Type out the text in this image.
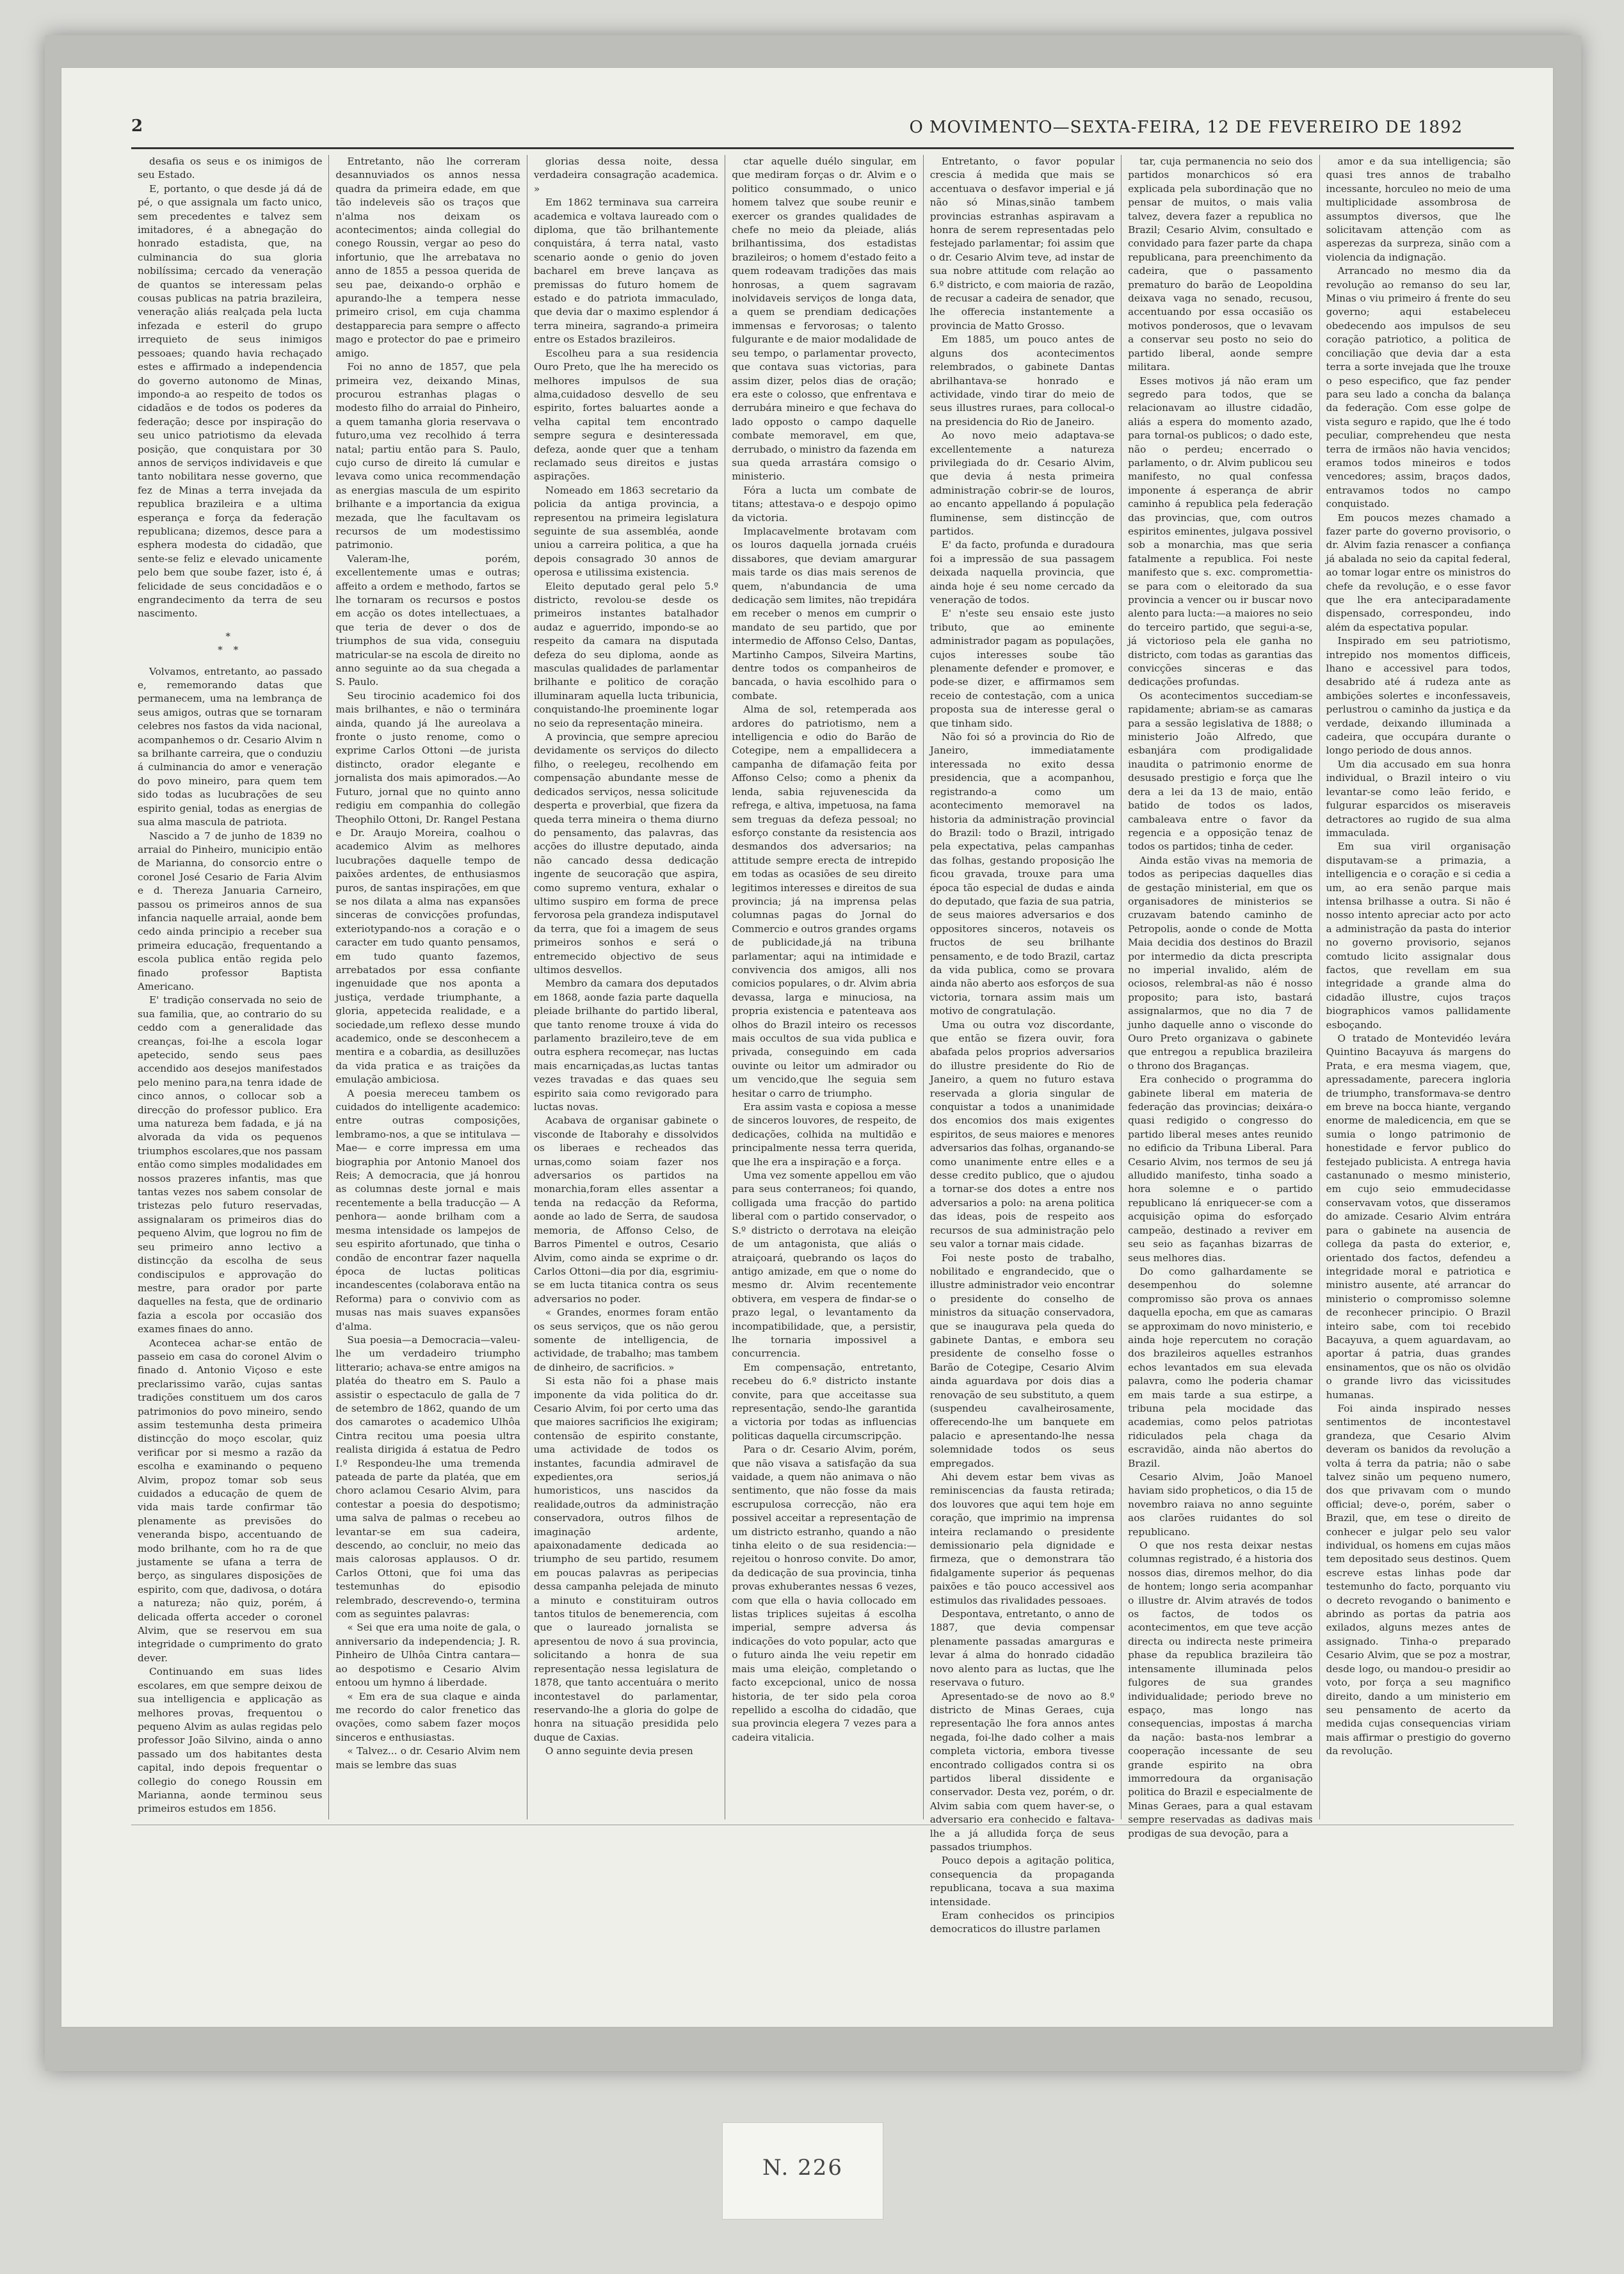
2	O MOVIMENTO—SEXTA-FEIRA, 12 DE FEVEREIRO DE 1892

desafia os seus e os inimigos de seu Estado.

E, portanto, o que desde já dá de pé, o que assignala um facto unico, sem precedentes e talvez sem imitadores, é a abnegação do honrado estadista, que, na culminancia do sua gloria nobilíssima; cercado da veneração de quantos se interessam pelas cousas publicas na patria brazileira, veneração aliás realçada pela lucta infezada e esteril do grupo irrequieto de seus inimigos pessoaes; quando havia rechaçado estes e affirmado a independencia do governo autonomo de Minas, impondo-a ao respeito de todos os cidadãos e de todos os poderes da federação; desce por inspiração do seu unico patriotismo da elevada posição, que conquistara por 30 annos de serviços individaveis e que tanto nobilitara nesse governo, que fez de Minas a terra invejada da republica brazileira e a ultima esperança e força da federação republicana; dizemos, desce para a esphera modesta do cidadão, que sente-se feliz e elevado unicamente pelo bem que soube fazer, isto é, á felicidade de seus concidadãos e o engrandecimento da terra de seu nascimento.

*
* *

Volvamos, entretanto, ao passado e, rememorando datas que permanecem, uma na lembrança de seus amigos, outras que se tornaram celebres nos fastos da vida nacional, acompanhemos o dr. Cesario Alvim n sa brilhante carreira, que o conduziu á culminancia do amor e veneração do povo mineiro, para quem tem sido todas as lucubrações de seu espirito genial, todas as energias de sua alma mascula de patriota.

Nascido a 7 de junho de 1839 no arraial do Pinheiro, municipio então de Marianna, do consorcio entre o coronel José Cesario de Faria Alvim e d. Thereza Januaria Carneiro, passou os primeiros annos de sua infancia naquelle arraial, aonde bem cedo ainda principio a receber sua primeira educação, frequentando a escola publica então regida pelo finado professor Baptista Americano.

E' tradição conservada no seio de sua familia, que, ao contrario do su ceddo com a generalidade das creanças, foi-lhe a escola logar apetecido, sendo seus paes accendido aos desejos manifestados pelo menino para,na tenra idade de cinco annos, o collocar sob a direcção do professor publico. Era uma natureza bem fadada, e já na alvorada da vida os pequenos triumphos escolares,que nos passam então como simples modalidades em nossos prazeres infantis, mas que tantas vezes nos sabem consolar de tristezas pelo futuro reservadas, assignalaram os primeiros dias do pequeno Alvim, que logrou no fim de seu primeiro anno lectivo a distincção da escolha de seus condiscipulos e approvação do mestre, para orador por parte daquelles na festa, que de ordinario fazia a escola por occasião dos exames finaes do anno.

Acontecea achar-se então de passeio em casa do coronel Alvim o finado d. Antonio Viçoso e este preclarissimo varão, cujas santas tradições constituem um dos caros patrimonios do povo mineiro, sendo assim testemunha desta primeira distincção do moço escolar, quiz verificar por si mesmo a razão da escolha e examinando o pequeno Alvim, propoz tomar sob seus cuidados a educação de quem de vida mais tarde confirmar tão plenamente as previsões do veneranda bispo, accentuando de modo brilhante, com ho ra de que justamente se ufana a terra de berço, as singulares disposições de espirito, com que, dadivosa, o dotára a natureza; não quiz, porém, á delicada offerta acceder o coronel Alvim, que se reservou em sua integridade o cumprimento do grato dever.

Continuando em suas lides escolares, em que sempre deixou de sua intelligencia e applicação as melhores provas, frequentou o pequeno Alvim as aulas regidas pelo professor João Silvino, ainda o anno passado um dos habitantes desta capital, indo depois frequentar o collegio do conego Roussin em Marianna, aonde terminou seus primeiros estudos em 1856.

Entretanto, não lhe correram desannuviados os annos nessa quadra da primeira edade, em que tão indeleveis são os traços que n'alma nos deixam os acontecimentos; ainda collegial do conego Roussin, vergar ao peso do infortunio, que lhe arrebatava no anno de 1855 a pessoa querida de seu pae, deixando-o orphão e apurando-lhe a tempera nesse primeiro crisol, em cuja chamma destapparecia para sempre o affecto mago e protector do pae e primeiro amigo.

Foi no anno de 1857, que pela primeira vez, deixando Minas, procurou estranhas plagas o modesto filho do arraial do Pinheiro, a quem tamanha gloria reservava o futuro,uma vez recolhido á terra natal; partiu então para S. Paulo, cujo curso de direito lá cumular e levava como unica recommendação as energias mascula de um espirito brilhante e a importancia da exigua mezada, que lhe facultavam os recursos de um modestissimo patrimonio.

Valeram-lhe, porém, excellentemente umas e outras; affeito a ordem e methodo, fartos se lhe tornaram os recursos e postos em acção os dotes intellectuaes, a que teria de dever o dos de triumphos de sua vida, conseguiu matricular-se na escola de direito no anno seguinte ao da sua chegada a S. Paulo.

Seu tirocinio academico foi dos mais brilhantes, e não o terminára ainda, quando já lhe aureolava a fronte o justo renome, como o exprime Carlos Ottoni —de jurista distincto, orador elegante e jornalista dos mais apimorados.—Ao Futuro, jornal que no quinto anno redigiu em companhia do collegão Theophilo Ottoni, Dr. Rangel Pestana e Dr. Araujo Moreira, coalhou o academico Alvim as melhores lucubrações daquelle tempo de paixões ardentes, de enthusiasmos puros, de santas inspirações, em que se nos dilata a alma nas expansões sinceras de convicções profundas, exteriotypando-nos a coração e o caracter em tudo quanto pensamos, em tudo quanto fazemos, arrebatados por essa confiante ingenuidade que nos aponta a justiça, verdade triumphante, a gloria, appetecida realidade, e a sociedade,um reflexo desse mundo academico, onde se desconhecem a mentira e a cobardia, as desilluzões da vida pratica e as traições da emulação ambiciosa.

A poesia mereceu tambem os cuidados do intelligente academico: entre outras composições, lembramo-nos, a que se intitulava —Mae— e corre impressa em uma biographia por Antonio Manoel dos Reis; A democracia, que já honrou as columnas deste jornal e mais recentemente a bella traducção — A penhora— aonde brilham com a mesma intensidade os lampejos de seu espirito afortunado, que tinha o condão de encontrar fazer naquella época de luctas politicas incandescentes (colaborava então na Reforma) para o convivio com as musas nas mais suaves expansões d'alma.

Sua poesia—a Democracia—valeu-lhe um verdadeiro triumpho litterario; achava-se entre amigos na platéa do theatro em S. Paulo a assistir o espectaculo de galla de 7 de setembro de 1862, quando de um dos camarotes o academico Ulhôa Cintra recitou uma poesia ultra realista dirigida á estatua de Pedro I.º Respondeu-lhe uma tremenda pateada de parte da platéa, que em choro aclamou Cesario Alvim, para contestar a poesia do despotismo; uma salva de palmas o recebeu ao levantar-se em sua cadeira, descendo, ao concluir, no meio das mais calorosas applausos. O dr. Carlos Ottoni, que foi uma das testemunhas do episodio relembrado, descrevendo-o, termina com as seguintes palavras:

« Sei que era uma noite de gala, o anniversario da independencia; J. R. Pinheiro de Ulhôa Cintra cantara— ao despotismo e Cesario Alvim entoou um hymno á liberdade.

« Em era de sua claque e ainda me recordo do calor frenetico das ovações, como sabem fazer moços sinceros e enthusiastas.

« Talvez... o dr. Cesario Alvim nem mais se lembre das suas

glorias dessa noite, dessa verdadeira consagração academica. »

Em 1862 terminava sua carreira academica e voltava laureado com o diploma, que tão brilhantemente conquistára, á terra natal, vasto scenario aonde o genio do joven bacharel em breve lançava as premissas do futuro homem de estado e do patriota immaculado, que devia dar o maximo esplendor á terra mineira, sagrando-a primeira entre os Estados brazileiros.

Escolheu para a sua residencia Ouro Preto, que lhe ha merecido os melhores impulsos de sua alma,cuidadoso desvello de seu espirito, fortes baluartes aonde a velha capital tem encontrado sempre segura e desinteressada defeza, aonde quer que a tenham reclamado seus direitos e justas aspirações.

Nomeado em 1863 secretario da policia da antiga provincia, a representou na primeira legislatura seguinte de sua assembléa, aonde uniou a carreira politica, a que ha depois consagrado 30 annos de operosa e utilissima existencia.

Eleito deputado geral pelo 5.º districto, revolou-se desde os primeiros instantes batalhador audaz e aguerrido, impondo-se ao respeito da camara na disputada defeza do seu diploma, aonde as masculas qualidades de parlamentar brilhante e politico de coração illuminaram aquella lucta tribunicia, conquistando-lhe proeminente logar no seio da representação mineira.

A provincia, que sempre apreciou devidamente os serviços do dilecto filho, o reelegeu, recolhendo em compensação abundante messe de dedicados serviços, nessa solicitude desperta e proverbial, que fizera da queda terra mineira o thema diurno do pensamento, das palavras, das acções do illustre deputado, ainda não cancado dessa dedicação ingente de seucoração que aspira, como supremo ventura, exhalar o ultimo suspiro em forma de prece fervorosa pela grandeza indisputavel da terra, que foi a imagem de seus primeiros sonhos e será o entremecido objectivo de seus ultimos desvellos.

Membro da camara dos deputados em 1868, aonde fazia parte daquella pleiade brilhante do partido liberal, que tanto renome trouxe á vida do parlamento brazileiro,teve de em outra esphera recomeçar, nas luctas mais encarniçadas,as luctas tantas vezes travadas e das quaes seu espirito saia como revigorado para luctas novas.

Acabava de organisar gabinete o visconde de Itaborahy e dissolvidos os liberaes e recheados das urnas,como soiam fazer nos adversarios os partidos na monarchia,foram elles assentar a tenda na redacção da Reforma, aonde ao lado de Serra, de saudosa memoria, de Affonso Celso, de Barros Pimentel e outros, Cesario Alvim, como ainda se exprime o dr. Carlos Ottoni—dia por dia, esgrimiu-se em lucta titanica contra os seus adversarios no poder.

« Grandes, enormes foram então os seus serviços, que os não gerou somente de intelligencia, de actividade, de trabalho; mas tambem de dinheiro, de sacrificios. »

Si esta não foi a phase mais imponente da vida politica do dr. Cesario Alvim, foi por certo uma das que maiores sacrificios lhe exigiram; contensão de espirito constante, uma actividade de todos os instantes, facundia admiravel de expedientes,ora serios,já humoristicos, uns nascidos da realidade,outros da administração conservadora, outros filhos de imaginação ardente, apaixonadamente dedicada ao triumpho de seu partido, resumem em poucas palavras as peripecias dessa campanha pelejada de minuto a minuto e constituiram outros tantos titulos de benemerencia, com que o laureado jornalista se apresentou de novo á sua provincia, solicitando a honra de sua representação nessa legislatura de 1878, que tanto accentuára o merito incontestavel do parlamentar, reservando-lhe a gloria do golpe de honra na situação presidida pelo duque de Caxias.

O anno seguinte devia presen

ctar aquelle duélo singular, em que mediram forças o dr. Alvim e o politico consummado, o unico homem talvez que soube reunir e exercer os grandes qualidades de chefe no meio da pleiade, aliás brilhantissima, dos estadistas brazileiros; o homem d'estado feito a quem rodeavam tradições das mais honrosas, a quem sagravam inolvidaveis serviços de longa data, a quem se prendiam dedicações immensas e fervorosas; o talento fulgurante e de maior modalidade de seu tempo, o parlamentar provecto, que contava suas victorias, para assim dizer, pelos dias de oração; era este o colosso, que enfrentava e derrubára mineiro e que fechava do lado opposto o campo daquelle combate memoravel, em que, derrubado, o ministro da fazenda em sua queda arrastára comsigo o ministerio.

Fóra a lucta um combate de titans; attestava-o e despojo opimo da victoria.

Implacavelmente brotavam com os louros daquella jornada cruéis dissabores, que deviam amargurar mais tarde os dias mais serenos de quem, n'abundancia de uma dedicação sem limites, não trepidára em receber o menos em cumprir o mandato de seu partido, que por intermedio de Affonso Celso, Dantas, Martinho Campos, Silveira Martins, dentre todos os companheiros de bancada, o havia escolhido para o combate.

Alma de sol, retemperada aos ardores do patriotismo, nem a intelligencia e odio do Barão de Cotegipe, nem a empallidecera a campanha de difamação feita por Affonso Celso; como a phenix da lenda, sabia rejuvenescida da refrega, e altiva, impetuosa, na fama sem treguas da defeza pessoal; no esforço constante da resistencia aos desmandos dos adversarios; na attitude sempre erecta de intrepido em todas as ocasiões de seu direito legitimos interesses e direitos de sua provincia; já na imprensa pelas columnas pagas do Jornal do Commercio e outros grandes orgams de publicidade,já na tribuna parlamentar; aqui na intimidade e convivencia dos amigos, alli nos comicios populares, o dr. Alvim abria devassa, larga e minuciosa, na propria existencia e patenteava aos olhos do Brazil inteiro os recessos mais occultos de sua vida publica e privada, conseguindo em cada ouvinte ou leitor um admirador ou um vencido,que lhe seguia sem hesitar o carro de triumpho.

Era assim vasta e copiosa a messe de sinceros louvores, de respeito, de dedicações, colhida na multidão e principalmente nessa terra querida, que lhe era a inspiração e a força.

Uma vez somente appellou em vão para seus conterraneos; foi quando, colligada uma fracção do partido liberal com o partido conservador, o S.º districto o derrotava na eleição de um antagonista, que aliás o atraiçoará, quebrando os laços do antigo amizade, em que o nome do mesmo dr. Alvim recentemente obtivera, em vespera de findar-se o prazo legal, o levantamento da incompatibilidade, que, a persistir, lhe tornaria impossivel a concurrencia.

Em compensação, entretanto, recebeu do 6.º districto instante convite, para que acceitasse sua representação, sendo-lhe garantida a victoria por todas as influencias politicas daquella circumscripção.

Para o dr. Cesario Alvim, porém, que não visava a satisfação da sua vaidade, a quem não animava o não sentimento, que não fosse da mais escrupulosa correcção, não era possivel acceitar a representação de um districto estranho, quando a não tinha eleito o de sua residencia:—rejeitou o honroso convite. Do amor, da dedicação de sua provincia, tinha provas exhuberantes nessas 6 vezes, com que ella o havia collocado em listas triplices sujeitas á escolha imperial, sempre adversa ás indicações do voto popular, acto que o futuro ainda lhe veiu repetir em mais uma eleição, completando o facto excepcional, unico de nossa historia, de ter sido pela coroa repellido a escolha do cidadão, que sua provincia elegera 7 vezes para a cadeira vitalicia.

Entretanto, o favor popular crescia á medida que mais se accentuava o desfavor imperial e já não só Minas,sinão tambem provincias estranhas aspiravam a honra de serem representadas pelo festejado parlamentar; foi assim que o dr. Cesario Alvim teve, ad instar de sua nobre attitude com relação ao 6.º districto, e com maioria de razão, de recusar a cadeira de senador, que lhe offerecia instantemente a provincia de Matto Grosso.

Em 1885, um pouco antes de alguns dos acontecimentos relembrados, o gabinete Dantas abrilhantava-se honrado e actividade, vindo tirar do meio de seus illustres ruraes, para collocal-o na presidencia do Rio de Janeiro.

Ao novo meio adaptava-se excellentemente a natureza privilegiada do dr. Cesario Alvim, que devia á nesta primeira administração cobrir-se de louros, ao encanto appellando á população fluminense, sem distincção de partidos.

E' da facto, profunda e duradoura foi a impressão de sua passagem deixada naquella provincia, que ainda hoje é seu nome cercado da veneração de todos.

E' n'este seu ensaio este justo tributo, que ao eminente administrador pagam as populações, cujos interesses soube tão plenamente defender e promover, e pode-se dizer, e affirmamos sem receio de contestação, com a unica proposta sua de interesse geral o que tinham sido.

Não foi só a provincia do Rio de Janeiro, immediatamente interessada no exito dessa presidencia, que a acompanhou, registrando-a como um acontecimento memoravel na historia da administração provincial do Brazil: todo o Brazil, intrigado pela expectativa, pelas campanhas das folhas, gestando proposição lhe ficou gravada, trouxe para uma época tão especial de dudas e ainda do deputado, que fazia de sua patria, de seus maiores adversarios e dos oppositores sinceros, notaveis os fructos de seu brilhante pensamento, e de todo Brazil, cartaz da vida publica, como se provara ainda não aberto aos esforços de sua victoria, tornara assim mais um motivo de congratulação.

Uma ou outra voz discordante, que então se fizera ouvir, fora abafada pelos proprios adversarios do illustre presidente do Rio de Janeiro, a quem no futuro estava reservada a gloria singular de conquistar a todos a unanimidade dos encomios dos mais exigentes espiritos, de seus maiores e menores adversarios das folhas, organando-se como unanimente entre elles e a desse credito publico, que o ajudou a tornar-se dos dotes a entre nos adversarios a polo: na arena politica das ideas, pois de respeito aos recursos de sua administração pelo seu valor a tornar mais cidade.

Foi neste posto de trabalho, nobilitado e engrandecido, que o illustre administrador veio encontrar o presidente do conselho de ministros da situação conservadora, que se inaugurava pela queda do gabinete Dantas, e embora seu presidente de conselho fosse o Barão de Cotegipe, Cesario Alvim ainda aguardava por dois dias a renovação de seu substituto, a quem (suspendeu cavalheirosamente, offerecendo-lhe um banquete em palacio e apresentando-lhe nessa solemnidade todos os seus empregados.

Ahi devem estar bem vivas as reminiscencias da fausta retirada; dos louvores que aqui tem hoje em coração, que imprimio na imprensa inteira reclamando o presidente demissionario pela dignidade e firmeza, que o demonstrara tão fidalgamente superior ás pequenas paixões e tão pouco accessivel aos estimulos das rivalidades pessoaes.

Despontava, entretanto, o anno de 1887, que devia compensar plenamente passadas amarguras e levar á alma do honrado cidadão novo alento para as luctas, que lhe reservava o futuro.

Apresentado-se de novo ao 8.º districto de Minas Geraes, cuja representação lhe fora annos antes negada, foi-lhe dado colher a mais completa victoria, embora tivesse encontrado colligados contra si os partidos liberal dissidente e conservador. Desta vez, porém, o dr. Alvim sabia com quem haver-se, o adversario era conhecido e faltava-lhe a já alludida força de seus passados triumphos.

Pouco depois a agitação politica, consequencia da propaganda republicana, tocava a sua maxima intensidade.

Eram conhecidos os principios democraticos do illustre parlamen

tar, cuja permanencia no seio dos partidos monarchicos só era explicada pela subordinação que no pensar de muitos, o mais valia talvez, devera fazer a republica no Brazil; Cesario Alvim, consultado e convidado para fazer parte da chapa republicana, para preenchimento da cadeira, que o passamento prematuro do barão de Leopoldina deixava vaga no senado, recusou, accentuando por essa occasião os motivos ponderosos, que o levavam a conservar seu posto no seio do partido liberal, aonde sempre militara.

Esses motivos já não eram um segredo para todos, que se relacionavam ao illustre cidadão, aliás a espera do momento azado, para tornal-os publicos; o dado este, não o perdeu; encerrado o parlamento, o dr. Alvim publicou seu manifesto, no qual confessa imponente á esperança de abrir caminho á republica pela federação das provincias, que, com outros espiritos eminentes, julgava possivel sob a monarchia, mas que seria fatalmente a republica. Foi neste manifesto que s. exc. compromettia-se para com o eleitorado da sua provincia a vencer ou ir buscar novo alento para lucta:—a maiores no seio do terceiro partido, que segui-a-se, já victorioso pela ele ganha no districto, com todas as garantias das convicções sinceras e das dedicações profundas.

Os acontecimentos succediam-se rapidamente; abriam-se as camaras para a sessão legislativa de 1888; o ministerio João Alfredo, que esbanjára com prodigalidade inaudita o patrimonio enorme de desusado prestigio e força que lhe dera a lei da 13 de maio, então batido de todos os lados, cambaleava entre o favor da regencia e a opposição tenaz de todos os partidos; tinha de ceder.

Ainda estão vivas na memoria de todos as peripecias daquelles dias de gestação ministerial, em que os organisadores de ministerios se cruzavam batendo caminho de Petropolis, aonde o conde de Motta Maia decidia dos destinos do Brazil por intermedio da dicta prescripta no imperial invalido, além de ociosos, relembral-as não é nosso proposito; para isto, bastará assignalarmos, que no dia 7 de junho daquelle anno o visconde do Ouro Preto organizava o gabinete que entregou a republica brazileira o throno dos Braganças.

Era conhecido o programma do gabinete liberal em materia de federação das provincias; deixára-o quasi redigido o congresso do partido liberal meses antes reunido no edificio da Tribuna Liberal. Para Cesario Alvim, nos termos de seu já alludido manifesto, tinha soado a hora solemne e o partido republicano lá enriquecer-se com a acquisição opima do esforçado campeão, destinado a reviver em seu seio as façanhas bizarras de seus melhores dias.

Do como galhardamente se desempenhou do solemne compromisso são prova os annaes daquella epocha, em que as camaras se approximam do novo ministerio, e ainda hoje repercutem no coração dos brazileiros aquelles estranhos echos levantados em sua elevada palavra, como lhe poderia chamar em mais tarde a sua estirpe, a tribuna pela mocidade das academias, como pelos patriotas ridiculados pela chaga da escravidão, ainda não abertos do Brazil.

Cesario Alvim, João Manoel haviam sido propheticos, o dia 15 de novembro raiava no anno seguinte aos clarões ruidantes do sol republicano.

O que nos resta deixar nestas columnas registrado, é a historia dos nossos dias, diremos melhor, do dia de hontem; longo seria acompanhar o illustre dr. Alvim através de todos os factos, de todos os acontecimentos, em que teve acção directa ou indirecta neste primeira phase da republica brazileira tão intensamente illuminada pelos fulgores de sua grandes individualidade; periodo breve no espaço, mas longo nas consequencias, impostas á marcha da nação: basta-nos lembrar a cooperação incessante de seu grande espirito na obra immorredoura da organisação politica do Brazil e especialmente de Minas Geraes, para a qual estavam sempre reservadas as dadivas mais prodigas de sua devoção, para a

amor e da sua intelligencia; são quasi tres annos de trabalho incessante, horculeo no meio de uma multiplicidade assombrosa de assumptos diversos, que lhe solicitavam attenção com as asperezas da surpreza, sinão com a violencia da indignação.

Arrancado no mesmo dia da revolução ao remanso do seu lar, Minas o viu primeiro á frente do seu governo; aqui estabeleceu obedecendo aos impulsos de seu coração patriotico, a politica de conciliação que devia dar a esta terra a sorte invejada que lhe trouxe o peso especifico, que faz pender para seu lado a concha da balança da federação. Com esse golpe de vista seguro e rapido, que lhe é todo peculiar, comprehendeu que nesta terra de irmãos não havia vencidos; eramos todos mineiros e todos vencedores; assim, braços dados, entravamos todos no campo conquistado.

Em poucos mezes chamado a fazer parte do governo provisorio, o dr. Alvim fazia renascer a confiança já abalada no seio da capital federal, ao tomar logar entre os ministros do chefe da revolução, e o esse favor que lhe era anteciparadamente dispensado, correspondeu, indo além da espectativa popular.

Inspirado em seu patriotismo, intrepido nos momentos difficeis, lhano e accessivel para todos, desabrido até á rudeza ante as ambições solertes e inconfessaveis, perlustrou o caminho da justiça e da verdade, deixando illuminada a cadeira, que occupára durante o longo periodo de dous annos.

Um dia accusado em sua honra individual, o Brazil inteiro o viu levantar-se como leão ferido, e fulgurar esparcidos os miseraveis detractores ao rugido de sua alma immaculada.

Em sua viril organisação disputavam-se a primazia, a intelligencia e o coração e si cedia a um, ao era senão parque mais intensa brilhasse a outra. Si não é nosso intento apreciar acto por acto a administração da pasta do interior no governo provisorio, sejanos comtudo licito assignalar dous factos, que revellam em sua integridade a grande alma do cidadão illustre, cujos traços biographicos vamos pallidamente esboçando.

O tratado de Montevidéo levára Quintino Bacayuva ás margens do Prata, e era mesma viagem, que, apressadamente, parecera ingloria de triumpho, transformava-se dentro em breve na bocca hiante, vergando enorme de maledicencia, em que se sumia o longo patrimonio de honestidade e fervor publico do festejado publicista. A entrega havia castanunado o mesmo ministerio, em cujo seio emmudecidasse conservavam votos, que disseramos do amizade. Cesario Alvim entrára para o gabinete na ausencia de collega da pasta do exterior, e, orientado dos factos, defendeu a integridade moral e patriotica e ministro ausente, até arrancar do ministerio o compromisso solemne de reconhecer principio. O Brazil inteiro sabe, com toi recebido Bacayuva, a quem aguardavam, ao aportar á patria, duas grandes ensinamentos, que os não os olvidão o grande livro das vicissitudes humanas.

Foi ainda inspirado nesses sentimentos de incontestavel grandeza, que Cesario Alvim deveram os banidos da revolução a volta á terra da patria; não o sabe talvez sinão um pequeno numero, dos que privavam com o mundo official; deve-o, porém, saber o Brazil, que, em tese o direito de conhecer e julgar pelo seu valor individual, os homens em cujas mãos tem depositado seus destinos. Quem escreve estas linhas pode dar testemunho do facto, porquanto viu o decreto revogando o banimento e abrindo as portas da patria aos exilados, alguns mezes antes de assignado. Tinha-o preparado Cesario Alvim, que se poz a mostrar, desde logo, ou mandou-o presidir ao voto, por força a seu magnifico direito, dando a um ministerio em seu pensamento de acerto da medida cujas consequencias viriam mais affirmar o prestigio do governo da revolução.

N. 226
